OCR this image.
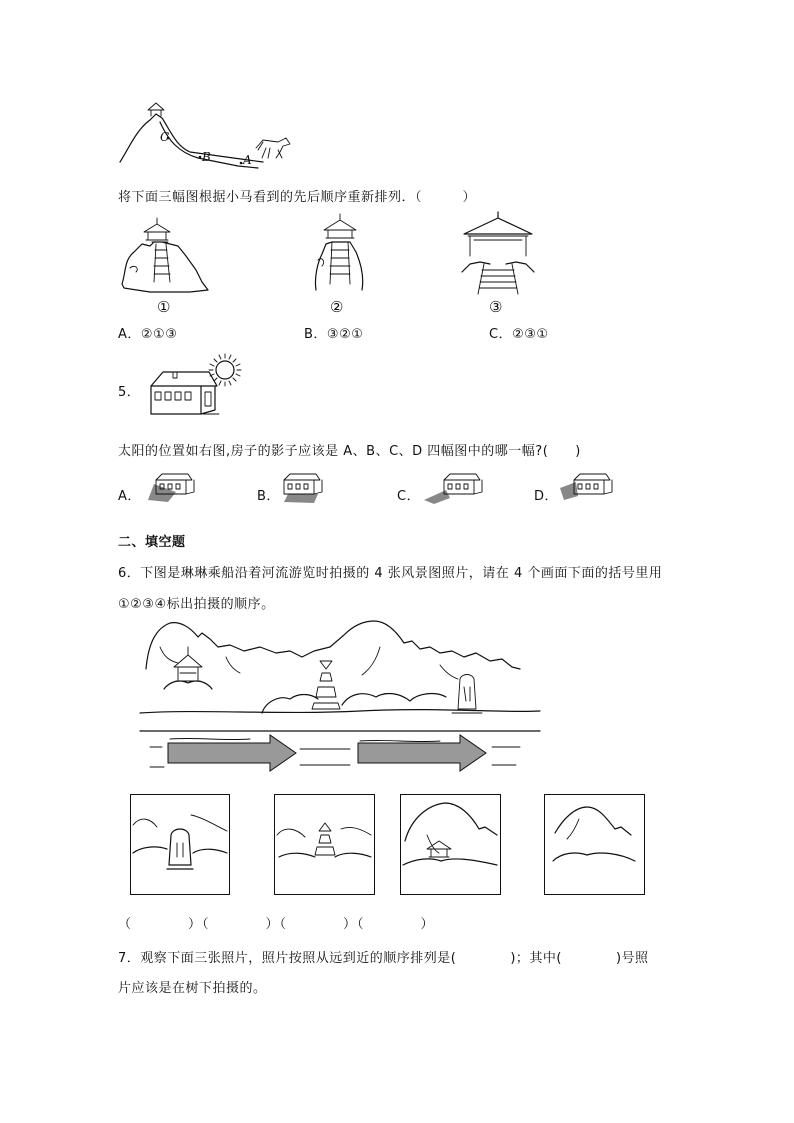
C
B	A
将下面三幅图根据小马看到的先后顺序重新排列．（　　　）
①	②	③
A．②①③	B．③②①	C．②③①
5．
太阳的位置如右图,房子的影子应该是 A、B、C、D 四幅图中的哪一幅?(　　)
A．	B．	C．	D．
二、填空题
6．下图是琳琳乘船沿着河流游览时拍摄的 4 张风景图照片，请在 4 个画面下面的括号里用
①②③④标出拍摄的顺序。
（　　　　）（　　　　）（　　　　）（　　　　）
7．观察下面三张照片，照片按照从远到近的顺序排列是(　　　　)；其中(　　　　)号照
片应该是在树下拍摄的。
